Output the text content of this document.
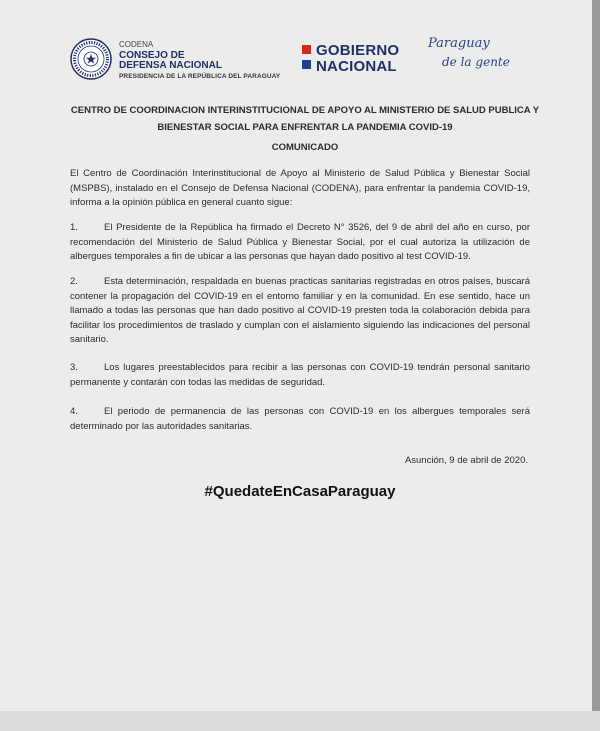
CODENA
CONSEJO DE
DEFENSA NACIONAL
PRESIDENCIA DE LA REPÚBLICA DEL PARAGUAY
GOBIERNO
NACIONAL
Paraguay
de la gente
CENTRO DE COORDINACION INTERINSTITUCIONAL DE APOYO AL MINISTERIO DE SALUD PUBLICA Y BIENESTAR SOCIAL PARA ENFRENTAR LA PANDEMIA COVID-19
COMUNICADO

El Centro de Coordinación Interinstitucional de Apoyo al Ministerio de Salud Pública y Bienestar Social (MSPBS), instalado en el Consejo de Defensa Nacional (CODENA), para enfrentar la pandemia COVID-19, informa a la opinión pública en general cuanto sigue:

1.	El Presidente de la República ha firmado el Decreto N° 3526, del 9 de abril del año en curso, por recomendación del Ministerio de Salud Pública y Bienestar Social, por el cual autoriza la utilización de albergues temporales a fin de ubicar a las personas que hayan dado positivo al test COVID-19.

2.	Esta determinación, respaldada en buenas practicas sanitarias registradas en otros países, buscará contener la propagación del COVID-19 en el entorno familiar y en la comunidad. En ese sentido, hace un llamado a todas las personas que han dado positivo al COVID-19 presten toda la colaboración debida para facilitar los procedimientos de traslado y cumplan con el aislamiento siguiendo las indicaciones del personal sanitario.

3.	Los lugares preestablecidos para recibir a las personas con COVID-19 tendrán personal sanitario permanente y contarán con todas las medidas de seguridad.

4.	El periodo de permanencia de las personas con COVID-19 en los albergues temporales será determinado por las autoridades sanitarias.

Asunción, 9 de abril de 2020.
#QuedateEnCasaParaguay
